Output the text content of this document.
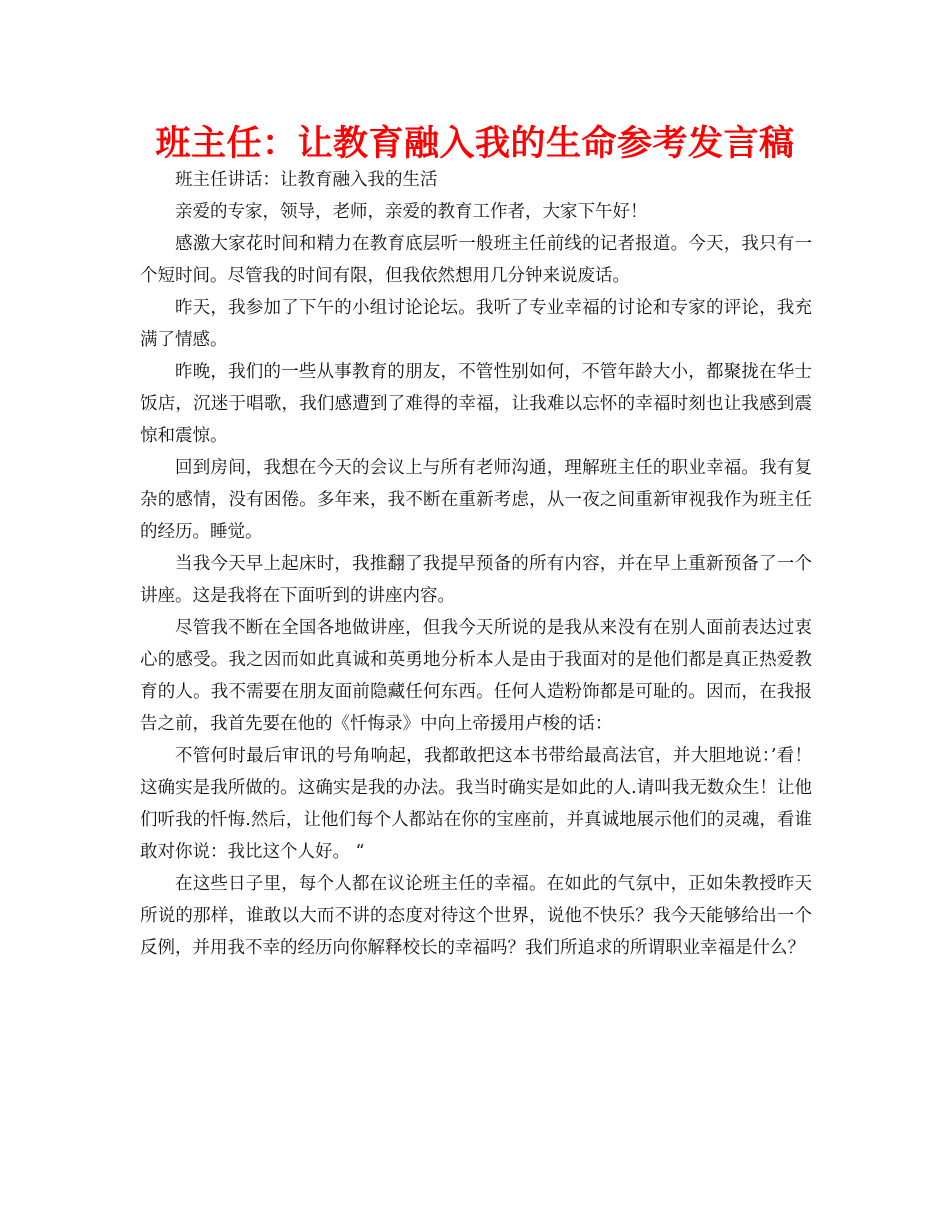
班主任：让教育融入我的生命参考发言稿

班主任讲话：让教育融入我的生活

亲爱的专家，领导，老师，亲爱的教育工作者，大家下午好！

感激大家花时间和精力在教育底层听一般班主任前线的记者报道。今天，我只有一个短时间。尽管我的时间有限，但我依然想用几分钟来说废话。

昨天，我参加了下午的小组讨论论坛。我听了专业幸福的讨论和专家的评论，我充满了情感。

昨晚，我们的一些从事教育的朋友，不管性别如何，不管年龄大小，都聚拢在华士饭店，沉迷于唱歌，我们感遭到了难得的幸福，让我难以忘怀的幸福时刻也让我感到震惊和震惊。

回到房间，我想在今天的会议上与所有老师沟通，理解班主任的职业幸福。我有复杂的感情，没有困倦。多年来，我不断在重新考虑，从一夜之间重新审视我作为班主任的经历。睡觉。

当我今天早上起床时，我推翻了我提早预备的所有内容，并在早上重新预备了一个讲座。这是我将在下面听到的讲座内容。

尽管我不断在全国各地做讲座，但我今天所说的是我从来没有在别人面前表达过衷心的感受。我之因而如此真诚和英勇地分析本人是由于我面对的是他们都是真正热爱教育的人。我不需要在朋友面前隐藏任何东西。任何人造粉饰都是可耻的。因而，在我报告之前，我首先要在他的《忏悔录》中向上帝援用卢梭的话：

不管何时最后审讯的号角响起，我都敢把这本书带给最高法官，并大胆地说：’看！这确实是我所做的。这确实是我的办法。我当时确实是如此的人.请叫我无数众生！让他们听我的忏悔.然后，让他们每个人都站在你的宝座前，并真诚地展示他们的灵魂，看谁敢对你说：我比这个人好。 “

在这些日子里，每个人都在议论班主任的幸福。在如此的气氛中，正如朱教授昨天所说的那样，谁敢以大而不讲的态度对待这个世界，说他不快乐？我今天能够给出一个反例，并用我不幸的经历向你解释校长的幸福吗？我们所追求的所谓职业幸福是什么？
